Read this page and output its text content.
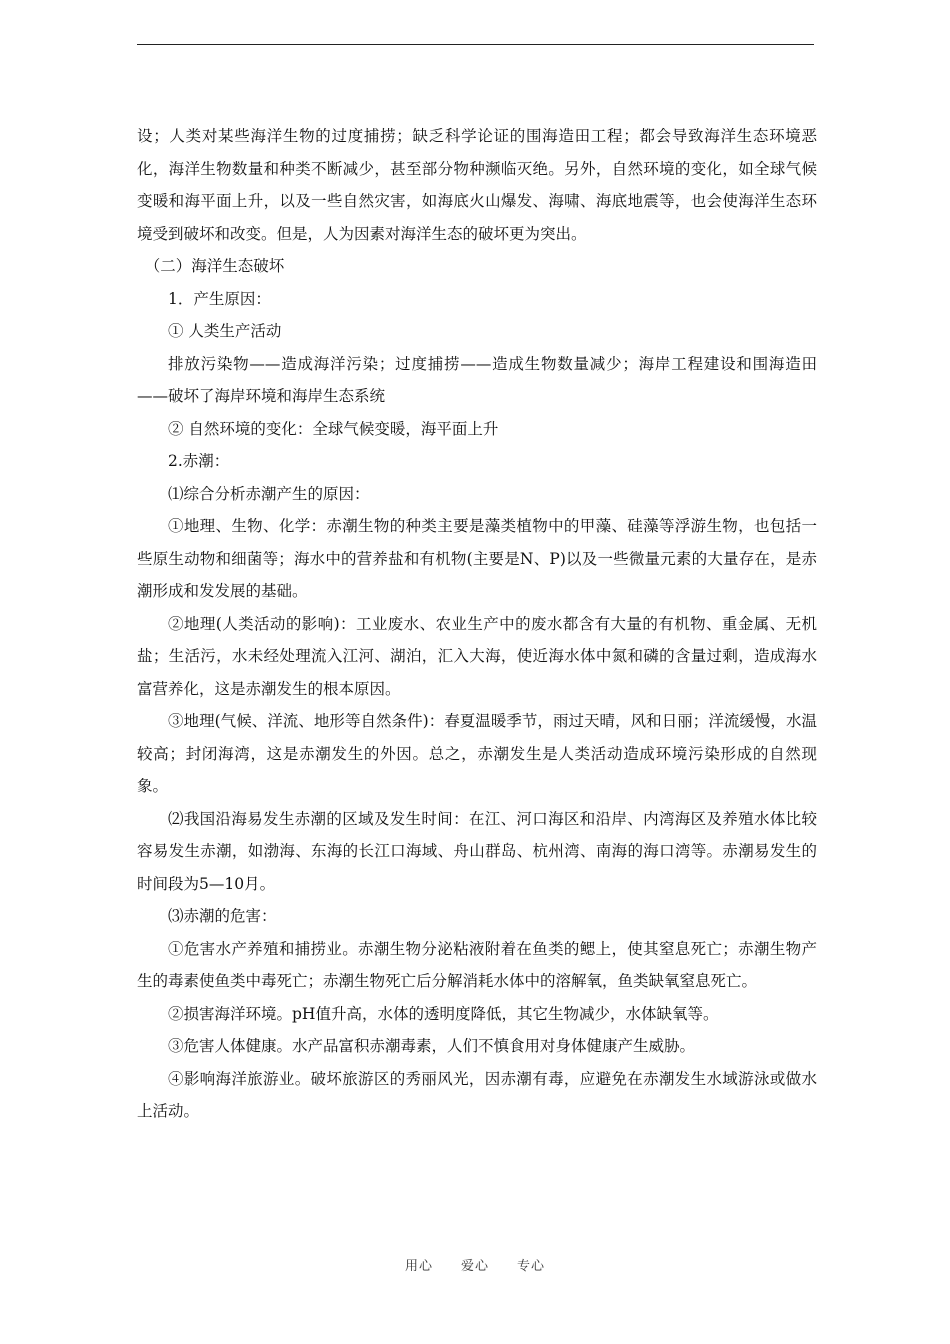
设；人类对某些海洋生物的过度捕捞；缺乏科学论证的围海造田工程；都会导致海洋生态环境恶化，海洋生物数量和种类不断减少，甚至部分物种濒临灭绝。另外，自然环境的变化，如全球气候变暖和海平面上升，以及一些自然灾害，如海底火山爆发、海啸、海底地震等，也会使海洋生态环境受到破坏和改变。但是，人为因素对海洋生态的破坏更为突出。

（二）海洋生态破坏

1．产生原因：

① 人类生产活动

排放污染物——造成海洋污染；过度捕捞——造成生物数量减少；海岸工程建设和围海造田——破坏了海岸环境和海岸生态系统

② 自然环境的变化：全球气候变暖，海平面上升

2.赤潮：

⑴综合分析赤潮产生的原因：

①地理、生物、化学：赤潮生物的种类主要是藻类植物中的甲藻、硅藻等浮游生物，也包括一些原生动物和细菌等；海水中的营养盐和有机物(主要是N、P)以及一些微量元素的大量存在，是赤潮形成和发发展的基础。

②地理(人类活动的影响)：工业废水、农业生产中的废水都含有大量的有机物、重金属、无机盐；生活污，水未经处理流入江河、湖泊，汇入大海，使近海水体中氮和磷的含量过剩，造成海水富营养化，这是赤潮发生的根本原因。

③地理(气候、洋流、地形等自然条件)：春夏温暖季节，雨过天晴，风和日丽；洋流缓慢，水温较高；封闭海湾，这是赤潮发生的外因。总之，赤潮发生是人类活动造成环境污染形成的自然现象。

⑵我国沿海易发生赤潮的区域及发生时间：在江、河口海区和沿岸、内湾海区及养殖水体比较容易发生赤潮，如渤海、东海的长江口海域、舟山群岛、杭州湾、南海的海口湾等。赤潮易发生的时间段为5—10月。

⑶赤潮的危害：

①危害水产养殖和捕捞业。赤潮生物分泌粘液附着在鱼类的鳃上，使其窒息死亡；赤潮生物产生的毒素使鱼类中毒死亡；赤潮生物死亡后分解消耗水体中的溶解氧，鱼类缺氧窒息死亡。

②损害海洋环境。pH值升高，水体的透明度降低，其它生物减少，水体缺氧等。

③危害人体健康。水产品富积赤潮毒素，人们不慎食用对身体健康产生威胁。

④影响海洋旅游业。破坏旅游区的秀丽风光，因赤潮有毒，应避免在赤潮发生水域游泳或做水上活动。

用心　　爱心　　专心
